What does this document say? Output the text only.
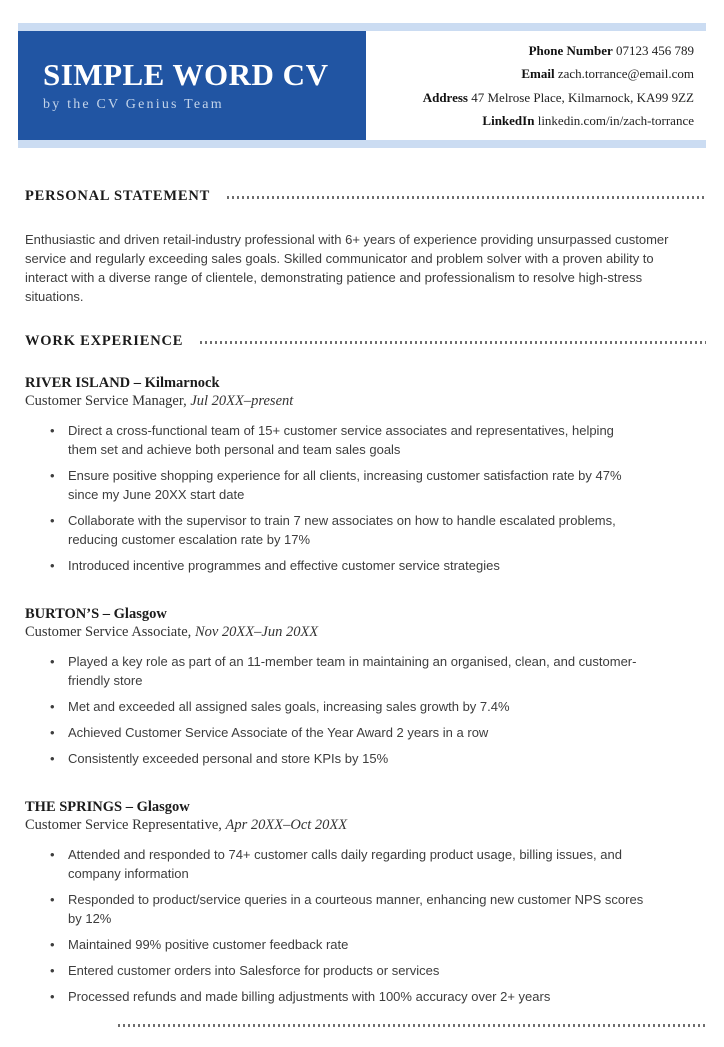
SIMPLE WORD CV
by the CV Genius Team
Phone Number 07123 456 789
Email zach.torrance@email.com
Address 47 Melrose Place, Kilmarnock, KA99 9ZZ
LinkedIn linkedin.com/in/zach-torrance
PERSONAL STATEMENT

Enthusiastic and driven retail-industry professional with 6+ years of experience providing unsurpassed customer service and regularly exceeding sales goals. Skilled communicator and problem solver with a proven ability to interact with a diverse range of clientele, demonstrating patience and professionalism to resolve high-stress situations.

WORK EXPERIENCE
RIVER ISLAND – Kilmarnock
Customer Service Manager, Jul 20XX–present
• Direct a cross-functional team of 15+ customer service associates and representatives, helping them set and achieve both personal and team sales goals
• Ensure positive shopping experience for all clients, increasing customer satisfaction rate by 47% since my June 20XX start date
• Collaborate with the supervisor to train 7 new associates on how to handle escalated problems, reducing customer escalation rate by 17%
• Introduced incentive programmes and effective customer service strategies
BURTON’S – Glasgow
Customer Service Associate, Nov 20XX–Jun 20XX
• Played a key role as part of an 11-member team in maintaining an organised, clean, and customer-friendly store
• Met and exceeded all assigned sales goals, increasing sales growth by 7.4%
• Achieved Customer Service Associate of the Year Award 2 years in a row
• Consistently exceeded personal and store KPIs by 15%
THE SPRINGS – Glasgow
Customer Service Representative, Apr 20XX–Oct 20XX
• Attended and responded to 74+ customer calls daily regarding product usage, billing issues, and company information
• Responded to product/service queries in a courteous manner, enhancing new customer NPS scores by 12%
• Maintained 99% positive customer feedback rate
• Entered customer orders into Salesforce for products or services
• Processed refunds and made billing adjustments with 100% accuracy over 2+ years
